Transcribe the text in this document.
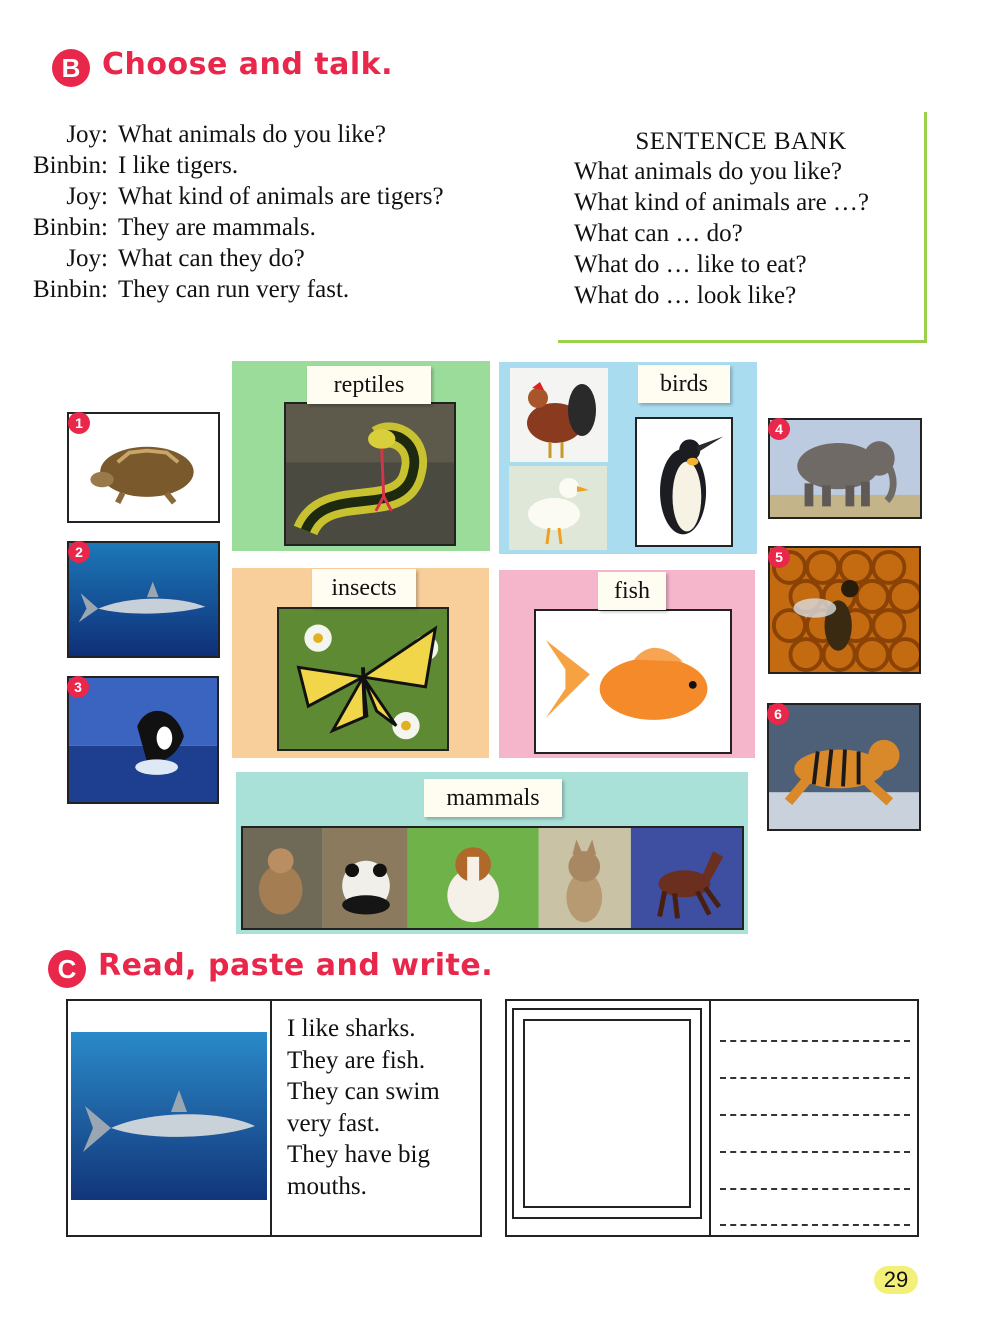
B Choose and talk.
Joy: What animals do you like?
Binbin: I like tigers.
Joy: What kind of animals are tigers?
Binbin: They are mammals.
Joy: What can they do?
Binbin: They can run very fast.
SENTENCE BANK
What animals do you like?
What kind of animals are …?
What can … do?
What do … like to eat?
What do … look like?
reptiles	birds
insects	fish
mammals
1
2
3
4
5
6
C Read, paste and write.
I like sharks.
They are fish.
They can swim
very fast.
They have big
mouths.
29
